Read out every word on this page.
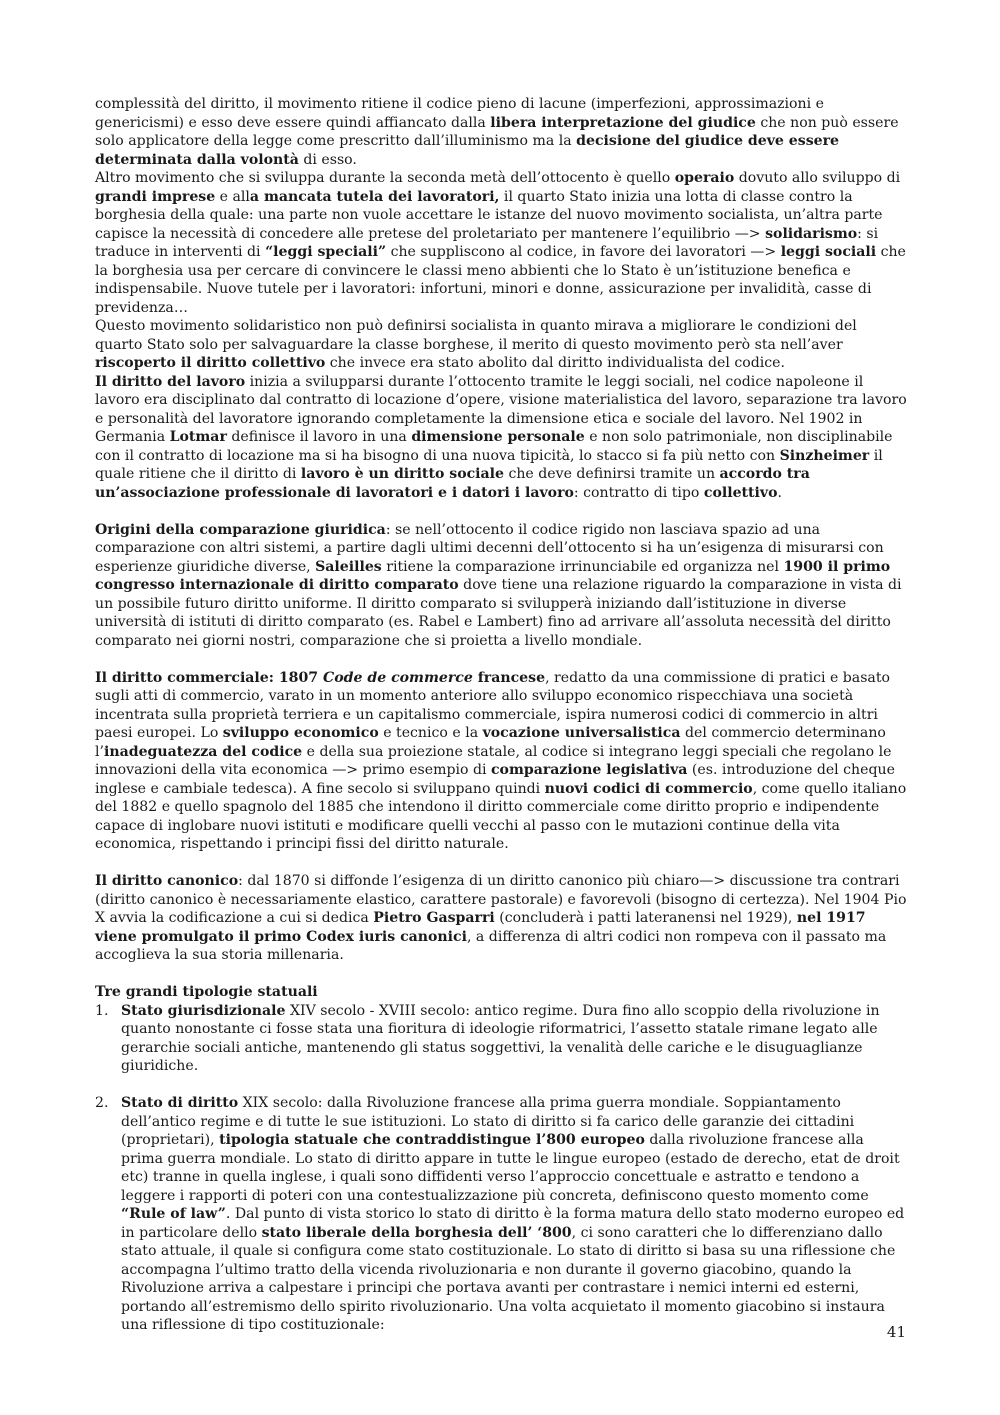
complessità del diritto, il movimento ritiene il codice pieno di lacune (imperfezioni, approssimazioni e genericismi) e esso deve essere quindi affiancato dalla libera interpretazione del giudice che non può essere solo applicatore della legge come prescritto dall’illuminismo ma la decisione del giudice deve essere determinata dalla volontà di esso.

Altro movimento che si sviluppa durante la seconda metà dell’ottocento è quello operaio dovuto allo sviluppo di grandi imprese e alla mancata tutela dei lavoratori, il quarto Stato inizia una lotta di classe contro la borghesia della quale: una parte non vuole accettare le istanze del nuovo movimento socialista, un’altra parte capisce la necessità di concedere alle pretese del proletariato per mantenere l’equilibrio —> solidarismo: si traduce in interventi di “leggi speciali” che suppliscono al codice, in favore dei lavoratori —> leggi sociali che la borghesia usa per cercare di convincere le classi meno abbienti che lo Stato è un’istituzione benefica e indispensabile. Nuove tutele per i lavoratori: infortuni, minori e donne, assicurazione per invalidità, casse di previdenza…

Questo movimento solidaristico non può definirsi socialista in quanto mirava a migliorare le condizioni del quarto Stato solo per salvaguardare la classe borghese, il merito di questo movimento però sta nell’aver riscoperto il diritto collettivo che invece era stato abolito dal diritto individualista del codice.

Il diritto del lavoro inizia a svilupparsi durante l’ottocento tramite le leggi sociali, nel codice napoleone il lavoro era disciplinato dal contratto di locazione d’opere, visione materialistica del lavoro, separazione tra lavoro e personalità del lavoratore ignorando completamente la dimensione etica e sociale del lavoro. Nel 1902 in Germania Lotmar definisce il lavoro in una dimensione personale e non solo patrimoniale, non disciplinabile con il contratto di locazione ma si ha bisogno di una nuova tipicità, lo stacco si fa più netto con Sinzheimer il quale ritiene che il diritto di lavoro è un diritto sociale che deve definirsi tramite un accordo tra un’associazione professionale di lavoratori e i datori i lavoro: contratto di tipo collettivo.

Origini della comparazione giuridica: se nell’ottocento il codice rigido non lasciava spazio ad una comparazione con altri sistemi, a partire dagli ultimi decenni dell’ottocento si ha un’esigenza di misurarsi con esperienze giuridiche diverse, Saleilles ritiene la comparazione irrinunciabile ed organizza nel 1900 il primo congresso internazionale di diritto comparato dove tiene una relazione riguardo la comparazione in vista di un possibile futuro diritto uniforme. Il diritto comparato si svilupperà iniziando dall’istituzione in diverse università di istituti di diritto comparato (es. Rabel e Lambert) fino ad arrivare all’assoluta necessità del diritto comparato nei giorni nostri, comparazione che si proietta a livello mondiale.

Il diritto commerciale: 1807 Code de commerce francese, redatto da una commissione di pratici e basato sugli atti di commercio, varato in un momento anteriore allo sviluppo economico rispecchiava una società incentrata sulla proprietà terriera e un capitalismo commerciale, ispira numerosi codici di commercio in altri paesi europei. Lo sviluppo economico e tecnico e la vocazione universalistica del commercio determinano l’inadeguatezza del codice e della sua proiezione statale, al codice si integrano leggi speciali che regolano le innovazioni della vita economica —> primo esempio di comparazione legislativa (es. introduzione del cheque inglese e cambiale tedesca). A fine secolo si sviluppano quindi nuovi codici di commercio, come quello italiano del 1882 e quello spagnolo del 1885 che intendono il diritto commerciale come diritto proprio e indipendente capace di inglobare nuovi istituti e modificare quelli vecchi al passo con le mutazioni continue della vita economica, rispettando i principi fissi del diritto naturale.

Il diritto canonico: dal 1870 si diffonde l’esigenza di un diritto canonico più chiaro—> discussione tra contrari (diritto canonico è necessariamente elastico, carattere pastorale) e favorevoli (bisogno di certezza). Nel 1904 Pio X avvia la codificazione a cui si dedica Pietro Gasparri (concluderà i patti lateranensi nel 1929), nel 1917 viene promulgato il primo Codex iuris canonici, a differenza di altri codici non rompeva con il passato ma accoglieva la sua storia millenaria.

Tre grandi tipologie statuali

1. Stato giurisdizionale XIV secolo - XVIII secolo: antico regime. Dura fino allo scoppio della rivoluzione in quanto nonostante ci fosse stata una fioritura di ideologie riformatrici, l’assetto statale rimane legato alle gerarchie sociali antiche, mantenendo gli status soggettivi, la venalità delle cariche e le disuguaglianze giuridiche.
2. Stato di diritto XIX secolo: dalla Rivoluzione francese alla prima guerra mondiale. Soppiantamento dell’antico regime e di tutte le sue istituzioni. Lo stato di diritto si fa carico delle garanzie dei cittadini (proprietari), tipologia statuale che contraddistingue l’800 europeo dalla rivoluzione francese alla prima guerra mondiale. Lo stato di diritto appare in tutte le lingue europeo (estado de derecho, etat de droit etc) tranne in quella inglese, i quali sono diffidenti verso l’approccio concettuale e astratto e tendono a leggere i rapporti di poteri con una contestualizzazione più concreta, definiscono questo momento come “Rule of law”. Dal punto di vista storico lo stato di diritto è la forma matura dello stato moderno europeo ed in particolare dello stato liberale della borghesia dell’ ‘800, ci sono caratteri che lo differenziano dallo stato attuale, il quale si configura come stato costituzionale. Lo stato di diritto si basa su una riflessione che accompagna l’ultimo tratto della vicenda rivoluzionaria e non durante il governo giacobino, quando la Rivoluzione arriva a calpestare i principi che portava avanti per contrastare i nemici interni ed esterni, portando all’estremismo dello spirito rivoluzionario. Una volta acquietato il momento giacobino si instaura una riflessione di tipo costituzionale:	41
